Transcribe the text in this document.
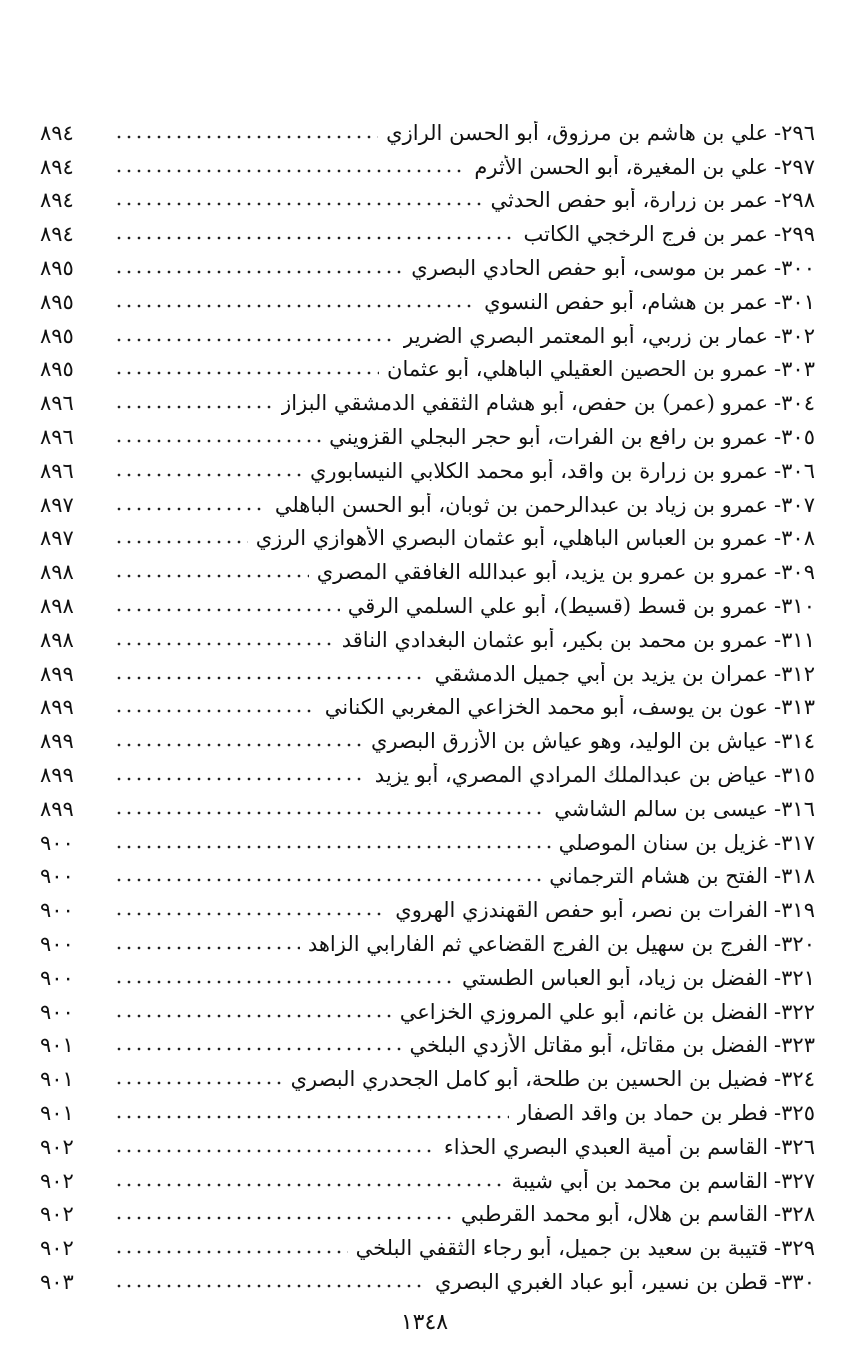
٢٩٦
-
علي بن هاشم بن مرزوق، أبو الحسن الرازي
٨٩٤
٢٩٧
-
علي بن المغيرة، أبو الحسن الأثرم
٨٩٤
٢٩٨
-
عمر بن زرارة، أبو حفص الحدثي
٨٩٤
٢٩٩
-
عمر بن فرج الرخجي الكاتب
٨٩٤
٣٠٠
-
عمر بن موسى، أبو حفص الحادي البصري
٨٩٥
٣٠١
-
عمر بن هشام، أبو حفص النسوي
٨٩٥
٣٠٢
-
عمار بن زربي، أبو المعتمر البصري الضرير
٨٩٥
٣٠٣
-
عمرو بن الحصين العقيلي الباهلي، أبو عثمان
٨٩٥
٣٠٤
-
عمرو (عمر) بن حفص، أبو هشام الثقفي الدمشقي البزاز
٨٩٦
٣٠٥
-
عمرو بن رافع بن الفرات، أبو حجر البجلي القزويني
٨٩٦
٣٠٦
-
عمرو بن زرارة بن واقد، أبو محمد الكلابي النيسابوري
٨٩٦
٣٠٧
-
عمرو بن زياد بن عبدالرحمن بن ثوبان، أبو الحسن الباهلي
٨٩٧
٣٠٨
-
عمرو بن العباس الباهلي، أبو عثمان البصري الأهوازي الرزي
٨٩٧
٣٠٩
-
عمرو بن عمرو بن يزيد، أبو عبدالله الغافقي المصري
٨٩٨
٣١٠
-
عمرو بن قسط (قسيط)، أبو علي السلمي الرقي
٨٩٨
٣١١
-
عمرو بن محمد بن بكير، أبو عثمان البغدادي الناقد
٨٩٨
٣١٢
-
عمران بن يزيد بن أبي جميل الدمشقي
٨٩٩
٣١٣
-
عون بن يوسف، أبو محمد الخزاعي المغربي الكناني
٨٩٩
٣١٤
-
عياش بن الوليد، وهو عياش بن الأزرق البصري
٨٩٩
٣١٥
-
عياض بن عبدالملك المرادي المصري، أبو يزيد
٨٩٩
٣١٦
-
عيسى بن سالم الشاشي
٨٩٩
٣١٧
-
غزيل بن سنان الموصلي
٩٠٠
٣١٨
-
الفتح بن هشام الترجماني
٩٠٠
٣١٩
-
الفرات بن نصر، أبو حفص القهندزي الهروي
٩٠٠
٣٢٠
-
الفرج بن سهيل بن الفرج القضاعي ثم الفارابي الزاهد
٩٠٠
٣٢١
-
الفضل بن زياد، أبو العباس الطستي
٩٠٠
٣٢٢
-
الفضل بن غانم، أبو علي المروزي الخزاعي
٩٠٠
٣٢٣
-
الفضل بن مقاتل، أبو مقاتل الأزدي البلخي
٩٠١
٣٢٤
-
فضيل بن الحسين بن طلحة، أبو كامل الجحدري البصري
٩٠١
٣٢٥
-
فطر بن حماد بن واقد الصفار
٩٠١
٣٢٦
-
القاسم بن أمية العبدي البصري الحذاء
٩٠٢
٣٢٧
-
القاسم بن محمد بن أبي شيبة
٩٠٢
٣٢٨
-
القاسم بن هلال، أبو محمد القرطبي
٩٠٢
٣٢٩
-
قتيبة بن سعيد بن جميل، أبو رجاء الثقفي البلخي
٩٠٢
٣٣٠
-
قطن بن نسير، أبو عباد الغبري البصري
٩٠٣
١٣٤٨
